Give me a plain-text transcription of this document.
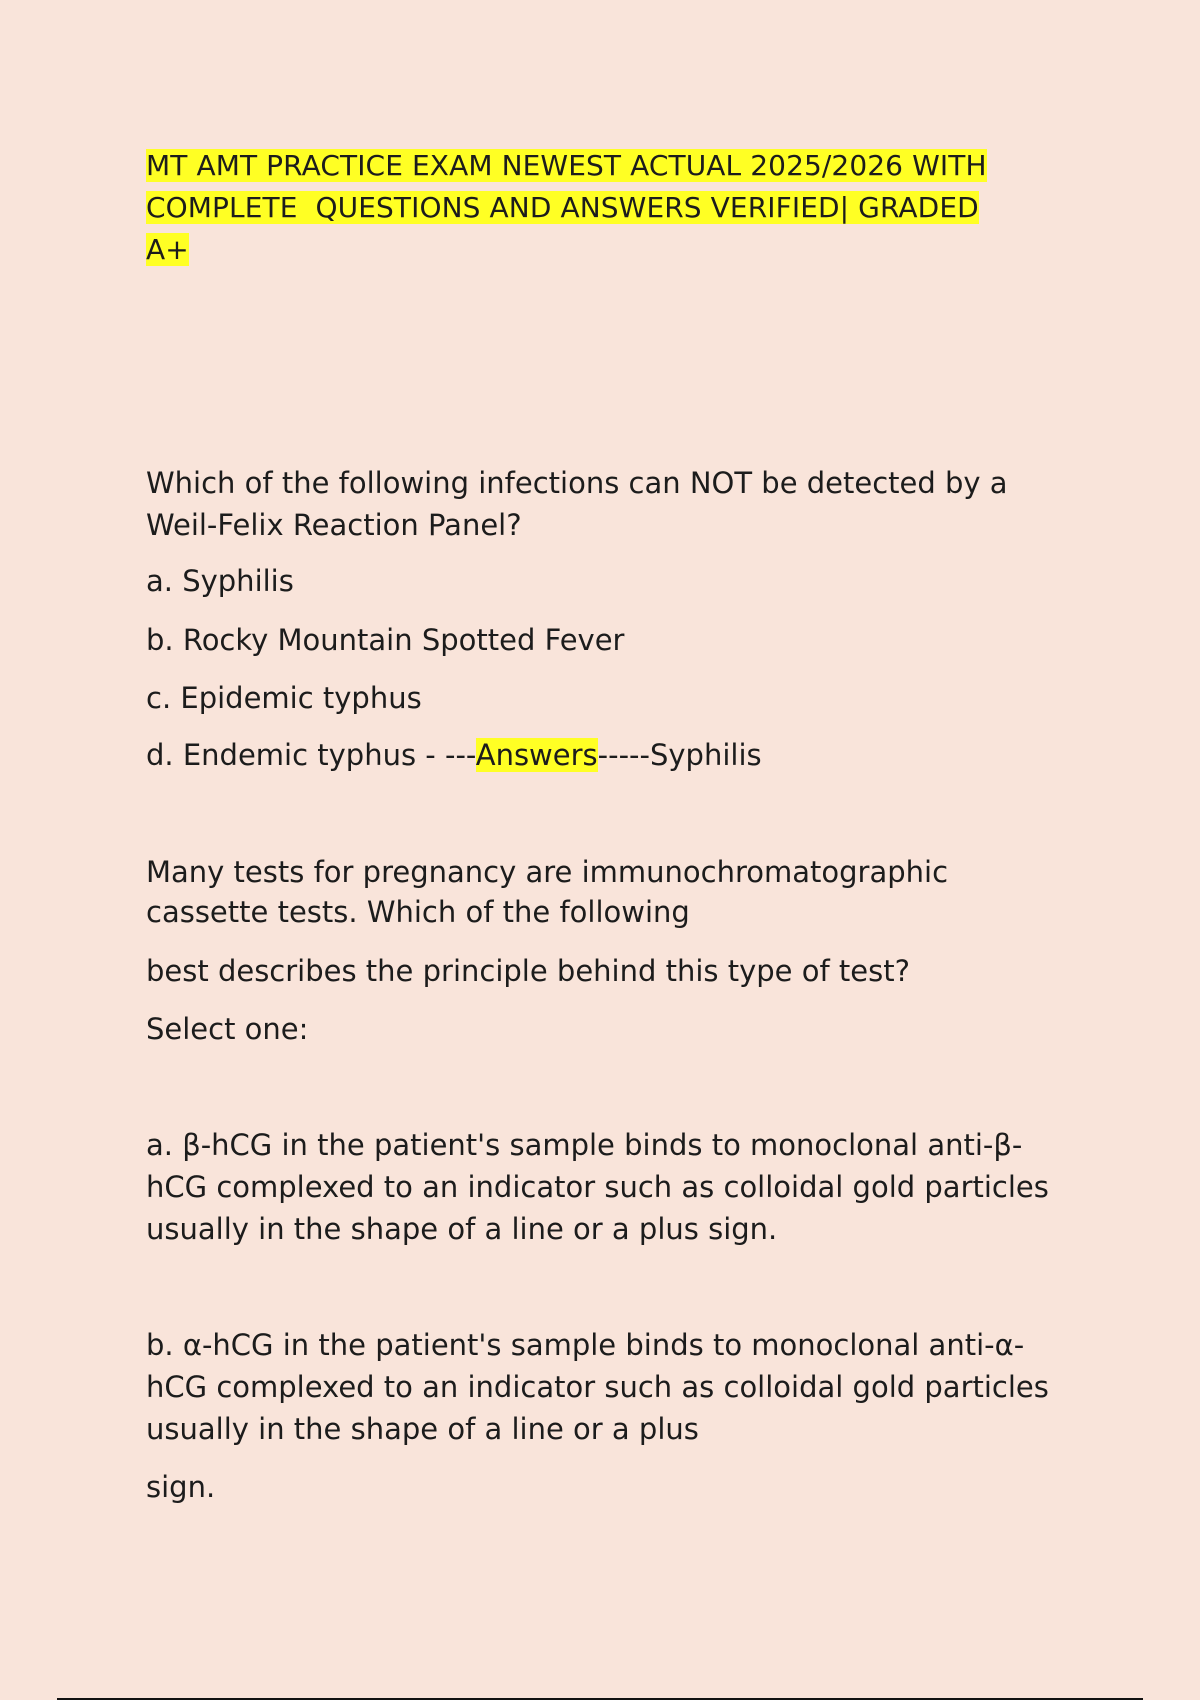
MT AMT PRACTICE EXAM NEWEST ACTUAL 2025/2026 WITH
COMPLETE  QUESTIONS AND ANSWERS VERIFIED| GRADED
A+
Which of the following infections can NOT be detected by a
Weil-Felix Reaction Panel?
a. Syphilis
b. Rocky Mountain Spotted Fever
c. Epidemic typhus
d. Endemic typhus - ---Answers-----Syphilis
Many tests for pregnancy are immunochromatographic
cassette tests. Which of the following
best describes the principle behind this type of test?
Select one:
a. β-hCG in the patient's sample binds to monoclonal anti-β-
hCG complexed to an indicator such as colloidal gold particles
usually in the shape of a line or a plus sign.
b. α-hCG in the patient's sample binds to monoclonal anti-α-
hCG complexed to an indicator such as colloidal gold particles
usually in the shape of a line or a plus
sign.
